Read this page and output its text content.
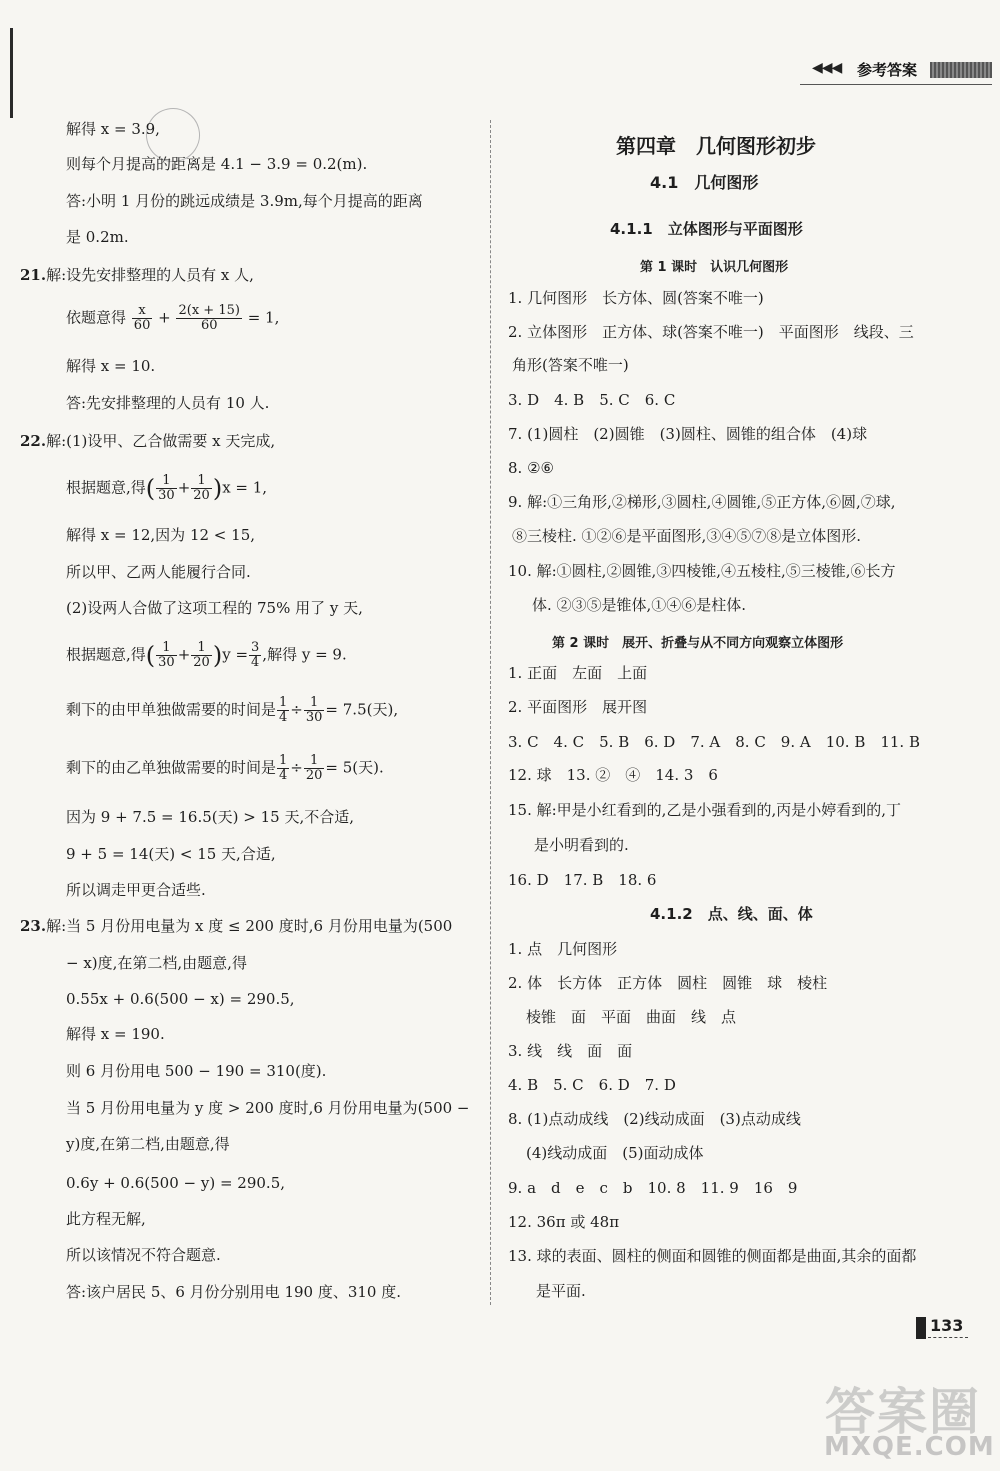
◀◀◀ 参考答案
解得 x = 3.9,
则每个月提高的距离是 4.1 − 3.9 = 0.2(m).
答:小明 1 月份的跳远成绩是 3.9m,每个月提高的距离
是 0.2m.
21.解:设先安排整理的人员有 x 人,
依题意得 $\frac{x}{60} + \frac{2(x + 15)}{60} = 1$,
解得 x = 10.
答:先安排整理的人员有 10 人.
22.解:(1)设甲、乙合做需要 x 天完成,
根据题意,得( $\frac{1}{30} + \frac{1}{20} )x = 1$,
解得 x = 12,因为 12 < 15,
所以甲、乙两人能履行合同.
(2)设两人合做了这项工程的 75% 用了 y 天,
根据题意,得( $\frac{1}{30} + \frac{1}{20} )y = \frac{3}{4}$ ,解得 y = 9.
剩下的由甲单独做需要的时间是 $\frac{1}{4} \div \frac{1}{30} = 7.5$(天),
剩下的由乙单独做需要的时间是 $\frac{1}{4} \div \frac{1}{20} = 5$(天).
因为 9 + 7.5 = 16.5(天) > 15 天,不合适,
9 + 5 = 14(天) < 15 天,合适,
所以调走甲更合适些.
23.解:当 5 月份用电量为 x 度 ≤ 200 度时,6 月份用电量为(500
− x)度,在第二档,由题意,得
0.55x + 0.6(500 − x) = 290.5,
解得 x = 190.
则 6 月份用电 500 − 190 = 310(度).
当 5 月份用电量为 y 度 > 200 度时,6 月份用电量为(500 −
y)度,在第二档,由题意,得
0.6y + 0.6(500 − y) = 290.5,
此方程无解,
所以该情况不符合题意.
答:该户居民 5、6 月份分别用电 190 度、310 度.
第四章　几何图形初步
4.1　几何图形
4.1.1　立体图形与平面图形
第 1 课时　认识几何图形
1. 几何图形　长方体、圆(答案不唯一)
2. 立体图形　正方体、球(答案不唯一)　平面图形　线段、三
角形(答案不唯一)
3. D　4. B　5. C　6. C
7. (1)圆柱　(2)圆锥　(3)圆柱、圆锥的组合体　(4)球
8. ②⑥
9. 解:①三角形,②梯形,③圆柱,④圆锥,⑤正方体,⑥圆,⑦球,
⑧三棱柱. ①②⑥是平面图形,③④⑤⑦⑧是立体图形.
10. 解:①圆柱,②圆锥,③四棱锥,④五棱柱,⑤三棱锥,⑥长方
体. ②③⑤是锥体,①④⑥是柱体.
第 2 课时　展开、折叠与从不同方向观察立体图形
1. 正面　左面　上面
2. 平面图形　展开图
3. C　4. C　5. B　6. D　7. A　8. C　9. A　10. B　11. B
12. 球　13. ②　④　14. 3　6
15. 解:甲是小红看到的,乙是小强看到的,丙是小婷看到的,丁
是小明看到的.
16. D　17. B　18. 6
4.1.2　点、线、面、体
1. 点　几何图形
2. 体　长方体　正方体　圆柱　圆锥　球　棱柱
棱锥　面　平面　曲面　线　点
3. 线　线　面　面
4. B　5. C　6. D　7. D
8. (1)点动成线　(2)线动成面　(3)点动成线
(4)线动成面　(5)面动成体
9. a　d　e　c　b　10. 8　11. 9　16　9
12. 36π 或 48π
13. 球的表面、圆柱的侧面和圆锥的侧面都是曲面,其余的面都
是平面.
133
答案圈
MXQE.COM
